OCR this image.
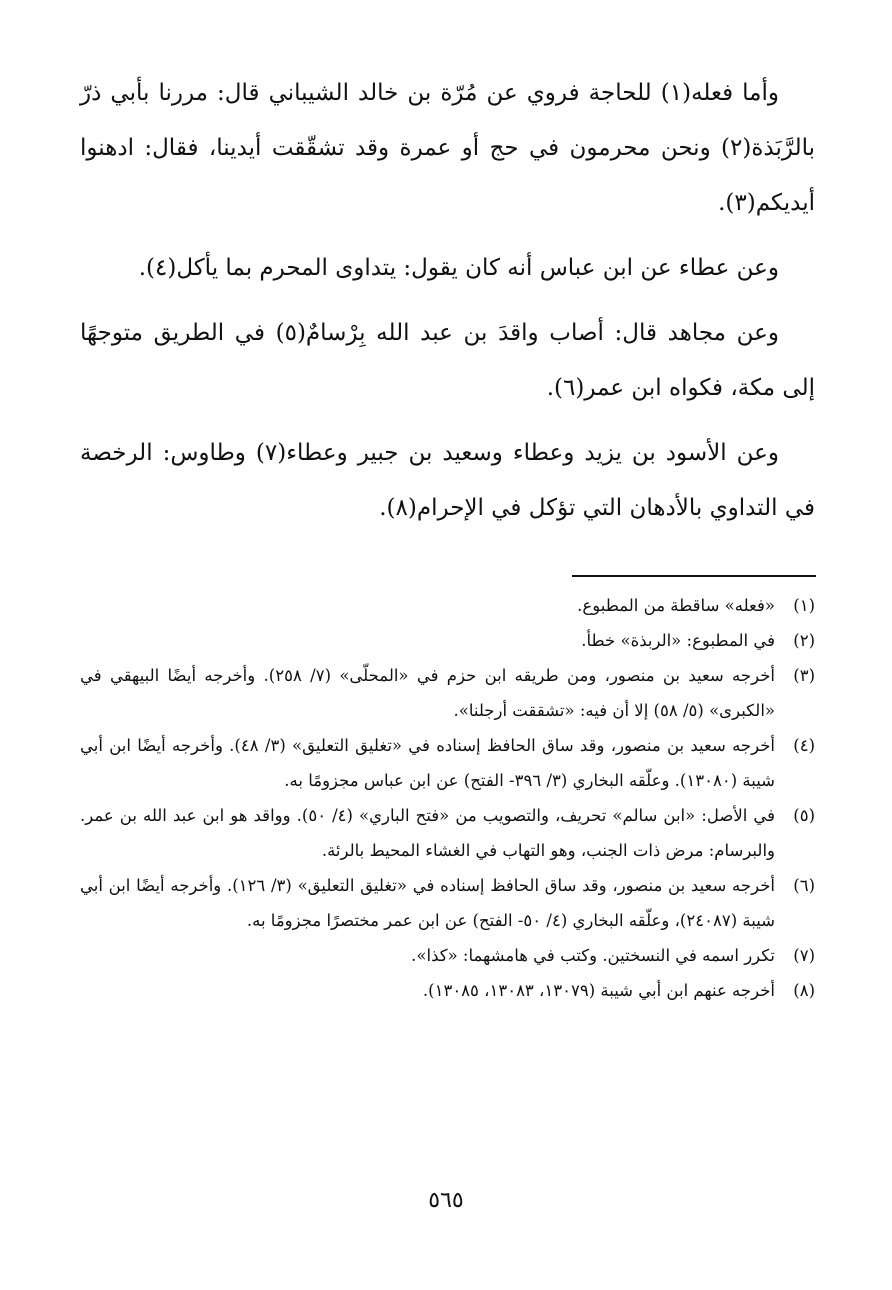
وأما فعله(١) للحاجة فروي عن مُرّة بن خالد الشيباني قال: مررنا بأبي ذرّ بالرَّبَذة(٢) ونحن محرمون في حج أو عمرة وقد تشقّقت أيدينا، فقال: ادهنوا أيديكم(٣).

وعن عطاء عن ابن عباس أنه كان يقول: يتداوى المحرم بما يأكل(٤).

وعن مجاهد قال: أصاب واقدَ بن عبد الله بِرْسامٌ(٥) في الطريق متوجهًا إلى مكة، فكواه ابن عمر(٦).

وعن الأسود بن يزيد وعطاء وسعيد بن جبير وعطاء(٧) وطاوس: الرخصة في التداوي بالأدهان التي تؤكل في الإحرام(٨).

(١)
«فعله» ساقطة من المطبوع.
(٢)
في المطبوع: «الربذة» خطأ.
(٣)
أخرجه سعيد بن منصور، ومن طريقه ابن حزم في «المحلّى» (٧/ ٢٥٨). وأخرجه أيضًا البيهقي في «الكبرى» (٥/ ٥٨) إلا أن فيه: «تشققت أرجلنا».
(٤)
أخرجه سعيد بن منصور، وقد ساق الحافظ إسناده في «تغليق التعليق» (٣/ ٤٨). وأخرجه أيضًا ابن أبي شيبة (١٣٠٨٠). وعلّقه البخاري (٣/ ٣٩٦- الفتح) عن ابن عباس مجزومًا به.
(٥)
في الأصل: «ابن سالم» تحريف، والتصويب من «فتح الباري» (٤/ ٥٠). وواقد هو ابن عبد الله بن عمر. والبرسام: مرض ذات الجنب، وهو التهاب في الغشاء المحيط بالرئة.
(٦)
أخرجه سعيد بن منصور، وقد ساق الحافظ إسناده في «تغليق التعليق» (٣/ ١٢٦). وأخرجه أيضًا ابن أبي شيبة (٢٤٠٨٧)، وعلّقه البخاري (٤/ ٥٠- الفتح) عن ابن عمر مختصرًا مجزومًا به.
(٧)
تكرر اسمه في النسختين. وكتب في هامشهما: «كذا».
(٨)
أخرجه عنهم ابن أبي شيبة (١٣٠٧٩، ١٣٠٨٣، ١٣٠٨٥).
٥٦٥
